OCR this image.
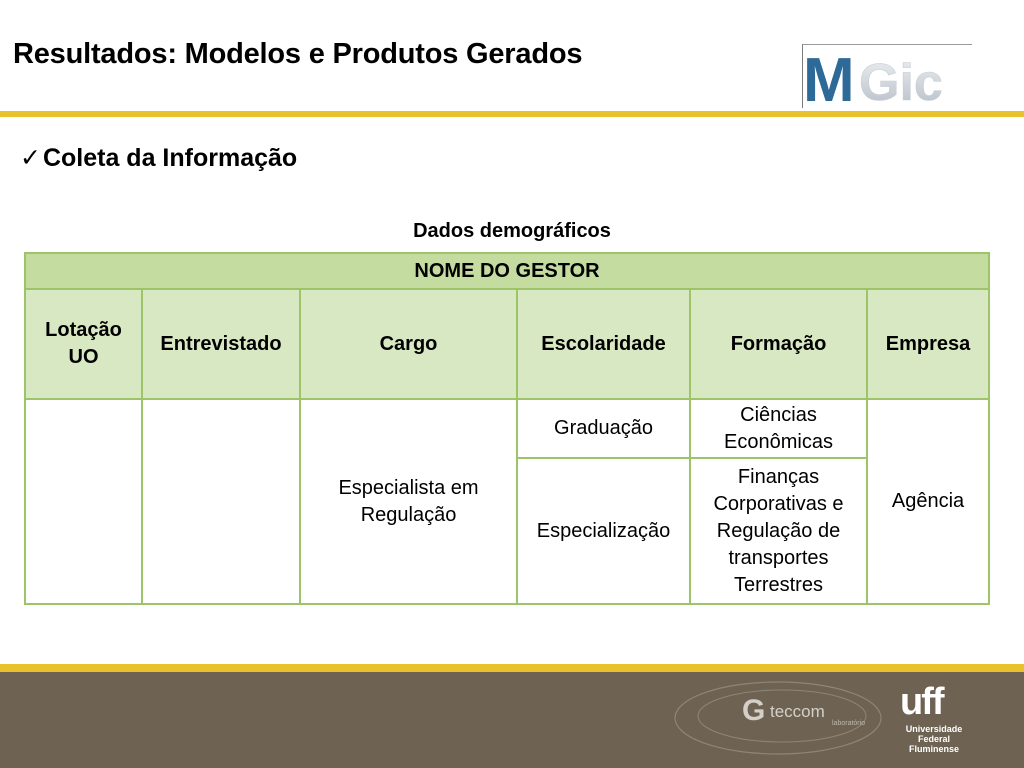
Resultados: Modelos e Produtos Gerados	M Gic
✓Coleta da Informação
Dados demográficos
NOME DO GESTOR					
Lotação UO	Entrevistado	Cargo	Escolaridade	Formação	Empresa
		Especialista em Regulação	Graduação	Ciências Econômicas	Agência
			Especialização	Finanças Corporativas e Regulação de transportes Terrestres	
G teccom
laboratório
uff
Universidade
Federal
Fluminense
